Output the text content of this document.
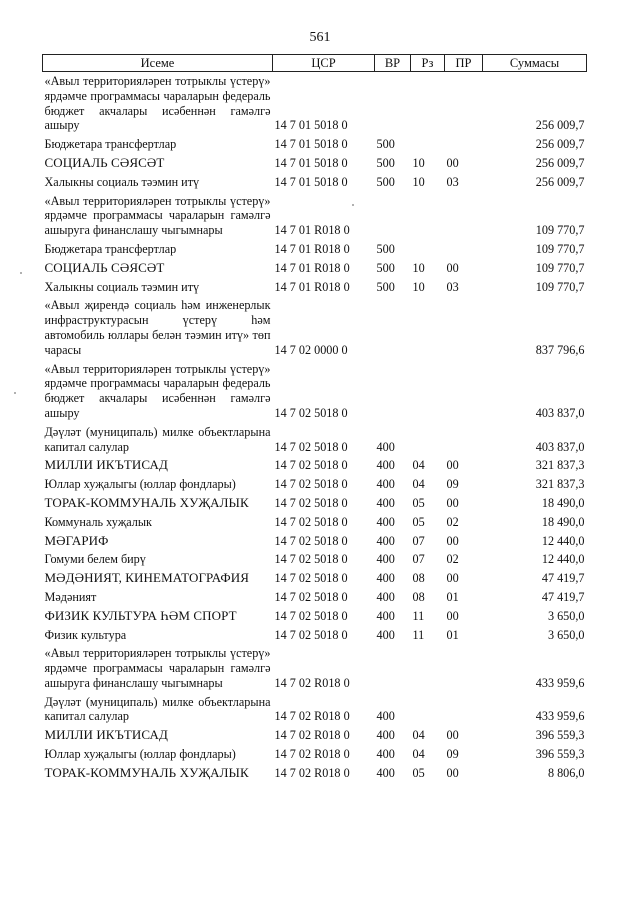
561
Исеме	ЦСР	ВР	Рз	ПР	Суммасы
«Авыл территорияләрен тотрыклы үстерү» ярдәмче программасы чараларын федераль бюджет акчалары исәбеннән гамәлгә ашыру	14 7 01 5018 0				256 009,7
Бюджетара трансфертлар	14 7 01 5018 0	500			256 009,7
СОЦИАЛЬ СӘЯСӘТ	14 7 01 5018 0	500	10	00	256 009,7
Халыкны социаль тәэмин итү	14 7 01 5018 0	500	10	03	256 009,7
«Авыл территорияләрен тотрыклы үстерү» ярдәмче программасы чараларын гамәлгә ашыруга финанслашу чыгымнары	14 7 01 R018 0				109 770,7
Бюджетара трансфертлар	14 7 01 R018 0	500			109 770,7
СОЦИАЛЬ СӘЯСӘТ	14 7 01 R018 0	500	10	00	109 770,7
Халыкны социаль тәэмин итү	14 7 01 R018 0	500	10	03	109 770,7
«Авыл җирендә социаль һәм инженерлык инфраструктурасын үстерү һәм автомобиль юллары белән тәэмин итү» төп чарасы	14 7 02 0000 0				837 796,6
«Авыл территорияләрен тотрыклы үстерү» ярдәмче программасы чараларын федераль бюджет акчалары исәбеннән гамәлгә ашыру	14 7 02 5018 0				403 837,0
Дәүләт (муниципаль) милке объектларына капитал салулар	14 7 02 5018 0	400			403 837,0
МИЛЛИ ИКЪТИСАД	14 7 02 5018 0	400	04	00	321 837,3
Юллар хуҗалыгы (юллар фондлары)	14 7 02 5018 0	400	04	09	321 837,3
ТОРАК-КОММУНАЛЬ ХУҖАЛЫК	14 7 02 5018 0	400	05	00	18 490,0
Коммуналь хуҗалык	14 7 02 5018 0	400	05	02	18 490,0
МӘГАРИФ	14 7 02 5018 0	400	07	00	12 440,0
Гомуми белем бирү	14 7 02 5018 0	400	07	02	12 440,0
МӘДӘНИЯТ, КИНЕМАТОГРАФИЯ	14 7 02 5018 0	400	08	00	47 419,7
Мәдәният	14 7 02 5018 0	400	08	01	47 419,7
ФИЗИК КУЛЬТУРА ҺӘМ СПОРТ	14 7 02 5018 0	400	11	00	3 650,0
Физик культура	14 7 02 5018 0	400	11	01	3 650,0
«Авыл территорияләрен тотрыклы үстерү» ярдәмче программасы чараларын гамәлгә ашыруга финанслашу чыгымнары	14 7 02 R018 0				433 959,6
Дәүләт (муниципаль) милке объектларына капитал салулар	14 7 02 R018 0	400			433 959,6
МИЛЛИ ИКЪТИСАД	14 7 02 R018 0	400	04	00	396 559,3
Юллар хуҗалыгы (юллар фондлары)	14 7 02 R018 0	400	04	09	396 559,3
ТОРАК-КОММУНАЛЬ ХУҖАЛЫК	14 7 02 R018 0	400	05	00	8 806,0
